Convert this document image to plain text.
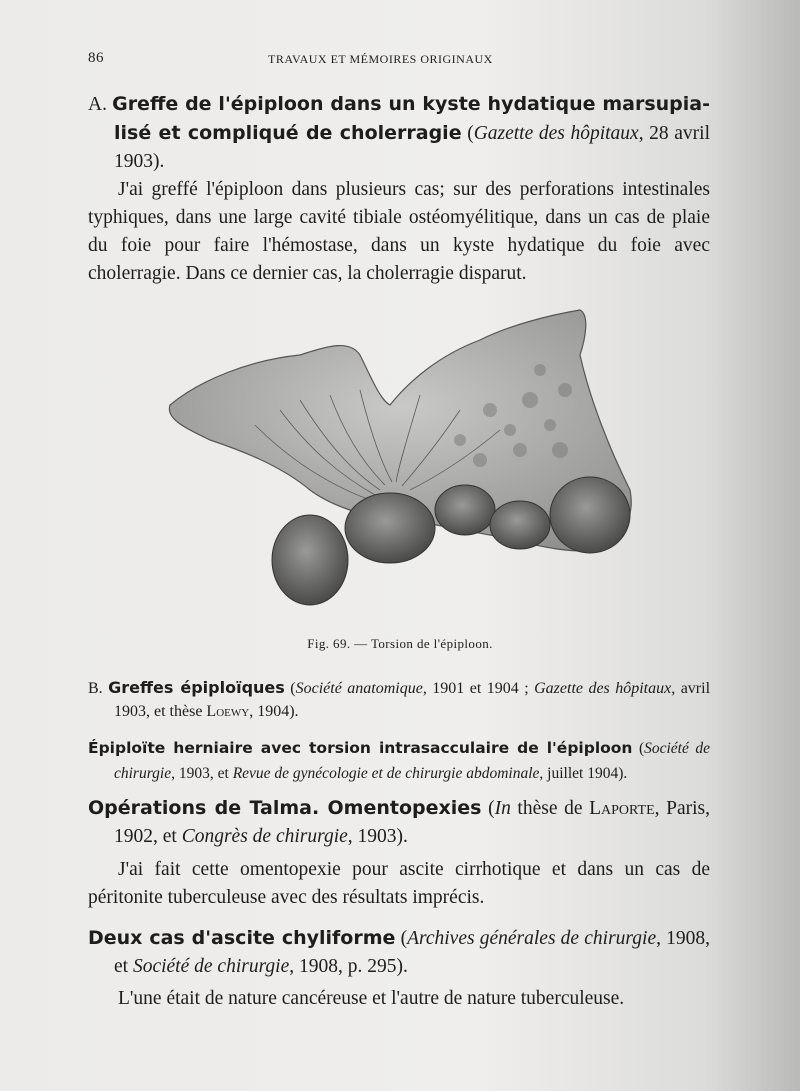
86	TRAVAUX ET MÉMOIRES ORIGINAUX

A. Greffe de l'épiploon dans un kyste hydatique marsupia-lisé et compliqué de cholerragie (Gazette des hôpitaux, 28 avril 1903).

J'ai greffé l'épiploon dans plusieurs cas; sur des perforations intestinales typhiques, dans une large cavité tibiale ostéomyélitique, dans un cas de plaie du foie pour faire l'hémostase, dans un kyste hydatique du foie avec cholerragie. Dans ce dernier cas, la cholerragie disparut.

Fig. 69. — Torsion de l'épiploon.

B. Greffes épiploïques (Société anatomique, 1901 et 1904 ; Gazette des hôpitaux, avril 1903, et thèse Loewy, 1904).

Épiploïte herniaire avec torsion intrasacculaire de l'épiploon (Société de chirurgie, 1903, et Revue de gynécologie et de chirurgie abdominale, juillet 1904).

Opérations de Talma. Omentopexies (In thèse de Laporte, Paris, 1902, et Congrès de chirurgie, 1903).

J'ai fait cette omentopexie pour ascite cirrhotique et dans un cas de péritonite tuberculeuse avec des résultats imprécis.

Deux cas d'ascite chyliforme (Archives générales de chirurgie, 1908, et Société de chirurgie, 1908, p. 295).

L'une était de nature cancéreuse et l'autre de nature tuberculeuse.
